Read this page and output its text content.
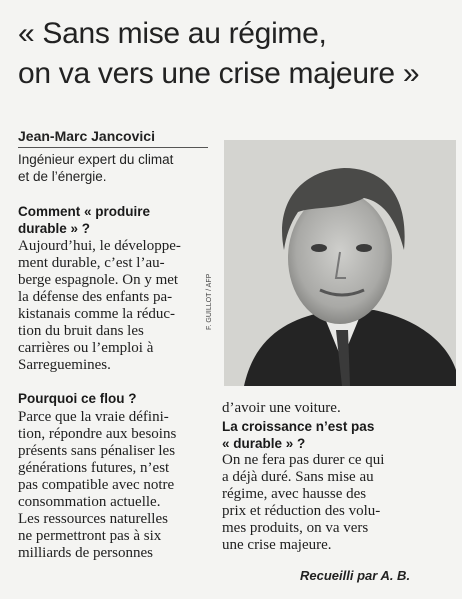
« Sans mise au régime,
on va vers une crise majeure »
Jean-Marc Jancovici
Ingénieur expert du climat
et de l’énergie.
F. GUILLOT / AFP
Comment « produire
durable » ?
Aujourd’hui, le développe-
ment durable, c’est l’au-
berge espagnole. On y met
la défense des enfants pa-
kistanais comme la réduc-
tion du bruit dans les
carrières ou l’emploi à
Sarreguemines.
Pourquoi ce flou ?
Parce que la vraie défini-
tion, répondre aux besoins
présents sans pénaliser les
générations futures, n’est
pas compatible avec notre
consommation actuelle.
Les ressources naturelles
ne permettront pas à six
milliards de personnes
d’avoir une voiture.
La croissance n’est pas
« durable » ?
On ne fera pas durer ce qui
a déjà duré. Sans mise au
régime, avec hausse des
prix et réduction des volu-
mes produits, on va vers
une crise majeure.
Recueilli par A. B.
